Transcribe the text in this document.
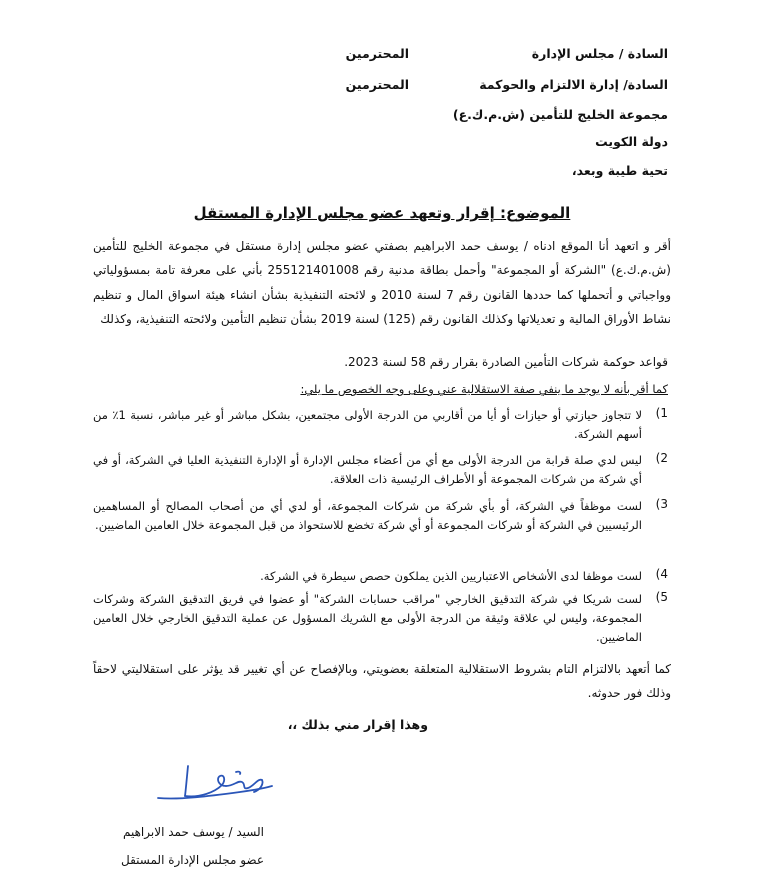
السادة / مجلس الإدارة
المحترمين
السادة/ إدارة الالتزام والحوكمة
المحترمين
مجموعة الخليج للتأمين (ش.م.ك.ع)
دولة الكويت
تحية طيبة وبعد،
الموضوع: إقرار وتعهد عضو مجلس الإدارة المستقل
أقر و اتعهد أنا الموقع ادناه / يوسف حمد الابراهيم بصفتي عضو مجلس إدارة مستقل في مجموعة الخليج للتأمين (ش.م.ك.ع) "الشركة أو المجموعة" وأحمل بطاقة مدنية رقم 255121401008 بأني على معرفة تامة بمسؤولياتي وواجباتي و أتحملها كما حددها القانون رقم 7 لسنة 2010 و لائحته التنفيذية بشأن انشاء هيئة اسواق المال و تنظيم نشاط الأوراق المالية و تعديلاتها وكذلك القانون رقم (125) لسنة 2019 بشأن تنظيم التأمين ولائحته التنفيذية، وكذلك
قواعد حوكمة شركات التأمين الصادرة بقرار رقم 58 لسنة 2023.
كما أقر بأنه لا يوجد ما ينفي صفة الاستقلالية عني وعلى وجه الخصوص ما يلي:
1)
لا تتجاوز حيازتي أو حيازات أو أيا من أقاربي من الدرجة الأولى مجتمعين، بشكل مباشر أو غير مباشر، نسبة 1٪ من أسهم الشركة.
2)
ليس لدي صلة قرابة من الدرجة الأولى مع أي من أعضاء مجلس الإدارة أو الإدارة التنفيذية العليا في الشركة، أو في أي شركة من شركات المجموعة أو الأطراف الرئيسية ذات العلاقة.
3)
لست موظفاً في الشركة، أو بأي شركة من شركات المجموعة، أو لدي أي من أصحاب المصالح أو المساهمين الرئيسيين في الشركة أو شركات المجموعة أو أي شركة تخضع للاستحواذ من قبل المجموعة خلال العامين الماضيين.
4)
لست موظفا لدى الأشخاص الاعتباريين الذين يملكون حصص سيطرة في الشركة.
5)
لست شريكا في شركة التدقيق الخارجي "مراقب حسابات الشركة" أو عضوا في فريق التدقيق الشركة وشركات المجموعة، وليس لي علاقة وثيقة من الدرجة الأولى مع الشريك المسؤول عن عملية التدقيق الخارجي خلال العامين الماضيين.
كما أتعهد بالالتزام التام بشروط الاستقلالية المتعلقة بعضويتي، وبالإفصاح عن أي تغيير قد يؤثر على استقلاليتي لاحقاً وذلك فور حدوثه.
وهذا إقرار مني بذلك ،،
السيد / يوسف حمد الابراهيم
عضو مجلس الإدارة المستقل
